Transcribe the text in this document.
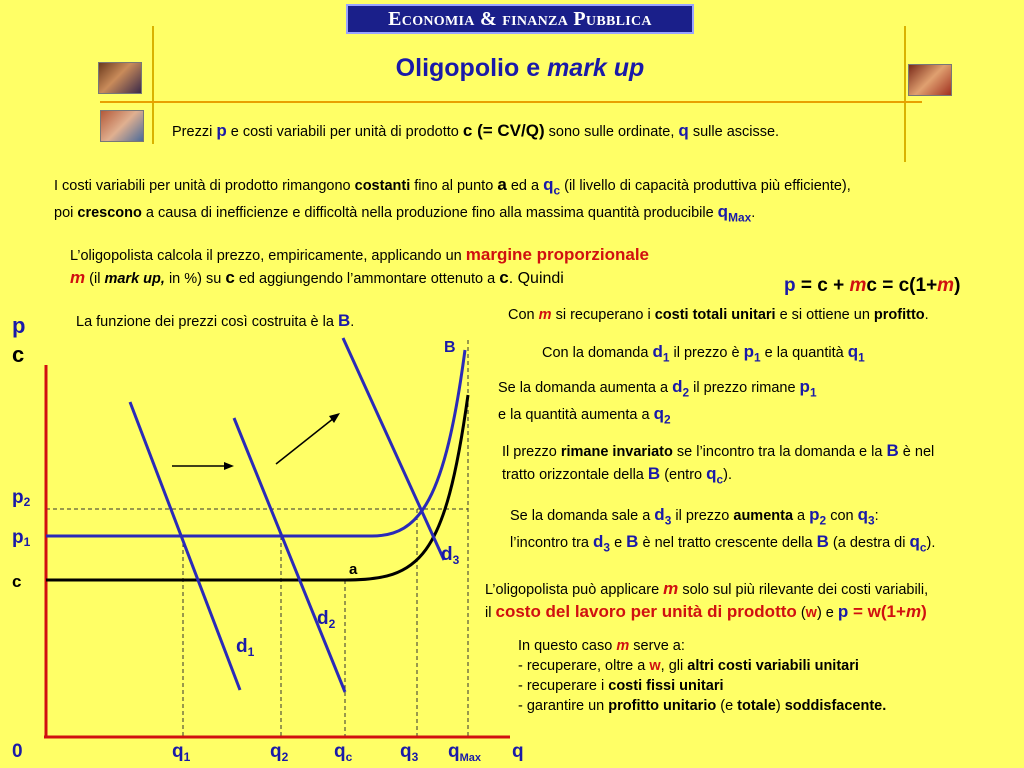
Economia & finanza Pubblica
Oligopolio e mark up
Prezzi p e costi variabili per unità di prodotto c (= CV/Q) sono sulle ordinate, q sulle ascisse.
I costi variabili per unità di prodotto rimangono costanti fino al punto a ed a $q_c$ (il livello di capacità produttiva più efficiente),
poi crescono a causa di inefficienze e difficoltà nella produzione fino alla massima quantità producibile $q_{Max}$.
L’oligopolista calcola il prezzo, empiricamente, applicando un margine proporzionale
m (il mark up, in %) su c ed aggiungendo l’ammontare ottenuto a c. Quindi	p = c + mc = c(1+m)
La funzione dei prezzi così costruita è la B.	Con m si recuperano i costi totali unitari e si ottiene un profitto.
Con la domanda $d_1$ il prezzo è $p_1$ e la quantità $q_1$
Se la domanda aumenta a $d_2$ il prezzo rimane $p_1$
e la quantità aumenta a $q_2$
Il prezzo rimane invariato se l’incontro tra la domanda e la B è nel
tratto orizzontale della B (entro $q_c$).
Se la domanda sale a $d_3$ il prezzo aumenta a $p_2$ con $q_3$:
l’incontro tra $d_3$ e B è nel tratto crescente della B (a destra di $q_c$).
L’oligopolista può applicare m solo sul più rilevante dei costi variabili,
il costo del lavoro per unità di prodotto (w) e p = w(1+m)
In questo caso m serve a:
- recuperare, oltre a w, gli altri costi variabili unitari
- recuperare i costi fissi unitari
- garantire un profitto unitario (e totale) soddisfacente.
p
c
p2
p1
c
0	$q_1$	$q_2$ $q_c$	$q_3$ $q_{Max}$ q
B
a
$d_1$
$d_2$
$d_3$
